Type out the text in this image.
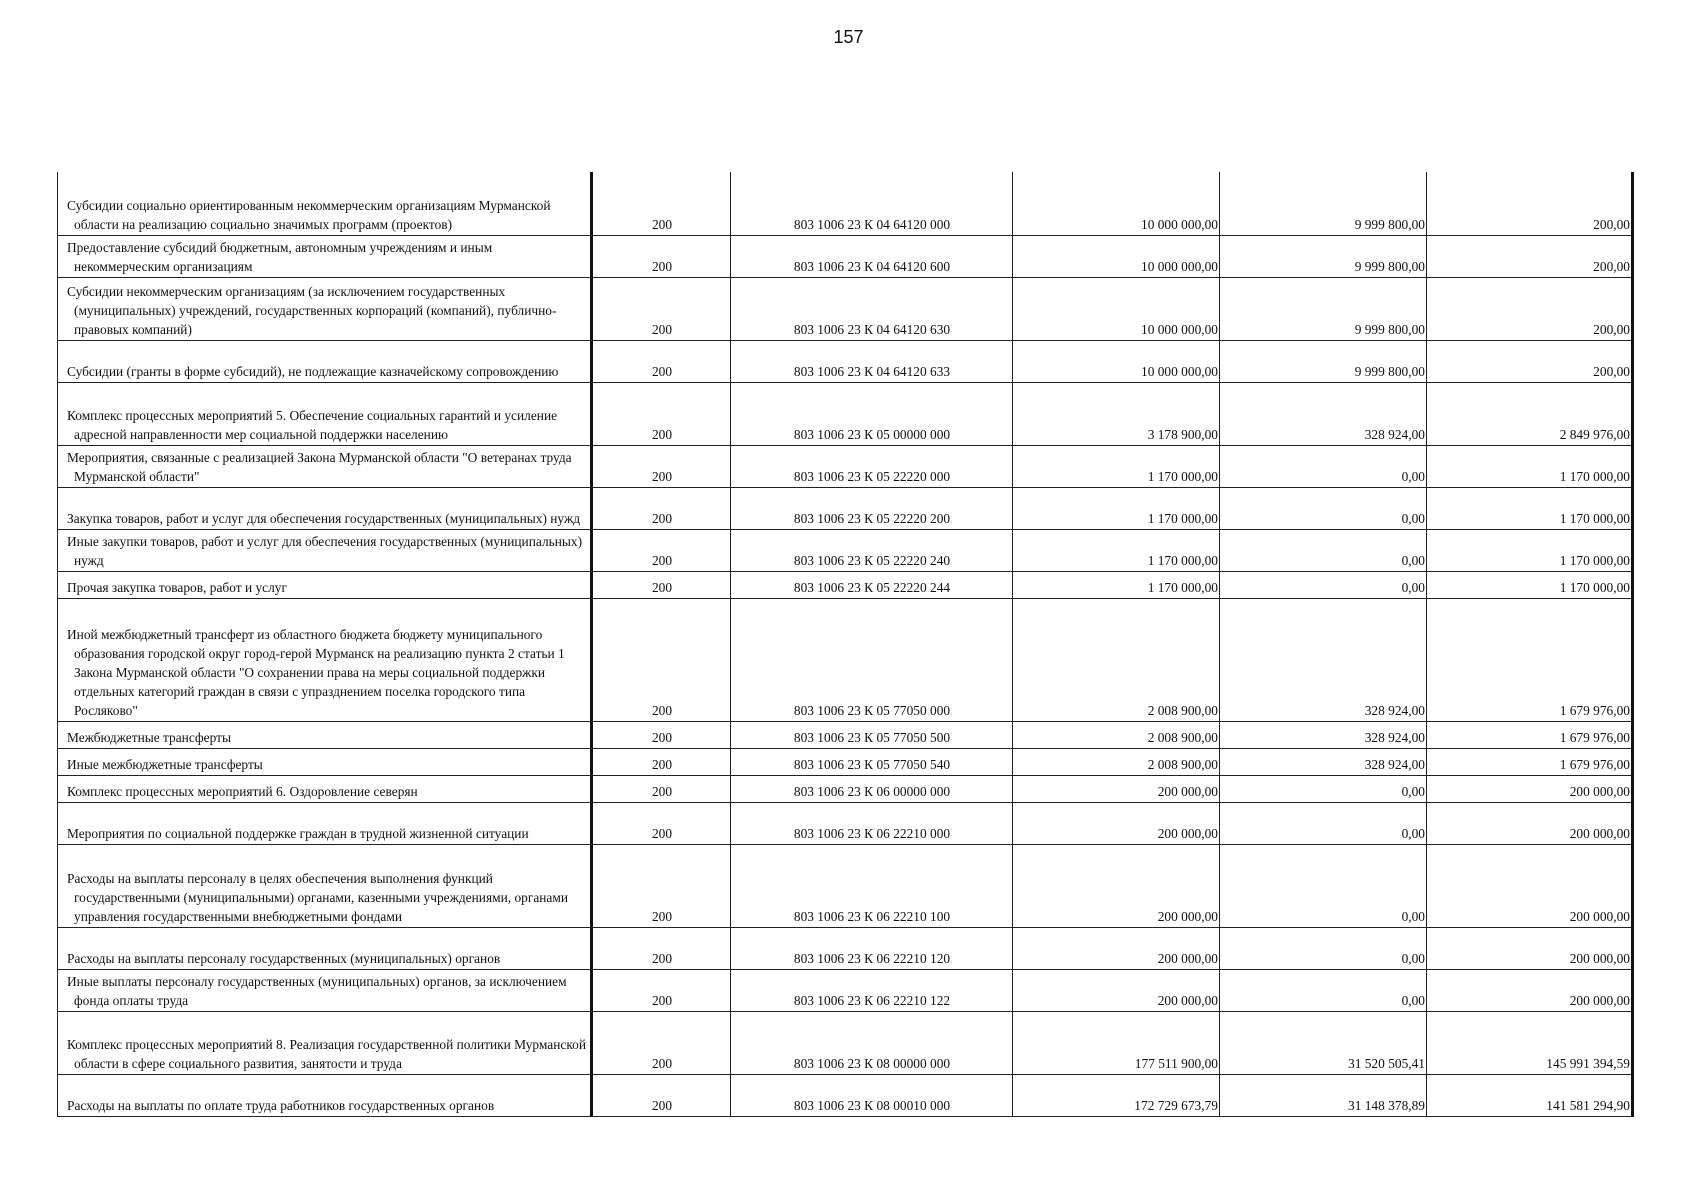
157
Субсидии социально ориентированным некоммерческим организациям Мурманской области на реализацию социально значимых программ (проектов)	200	803 1006 23 К 04 64120 000	10 000 000,00	9 999 800,00	200,00
Предоставление субсидий бюджетным, автономным учреждениям и иным некоммерческим организациям	200	803 1006 23 К 04 64120 600	10 000 000,00	9 999 800,00	200,00
Субсидии некоммерческим организациям (за исключением государственных (муниципальных) учреждений, государственных корпораций (компаний), публично-правовых компаний)	200	803 1006 23 К 04 64120 630	10 000 000,00	9 999 800,00	200,00
Субсидии (гранты в форме субсидий), не подлежащие казначейскому сопровождению	200	803 1006 23 К 04 64120 633	10 000 000,00	9 999 800,00	200,00
Комплекс процессных мероприятий 5. Обеспечение социальных гарантий и усиление адресной направленности мер социальной поддержки населению	200	803 1006 23 К 05 00000 000	3 178 900,00	328 924,00	2 849 976,00
Мероприятия, связанные с реализацией Закона Мурманской области "О ветеранах труда Мурманской области"	200	803 1006 23 К 05 22220 000	1 170 000,00	0,00	1 170 000,00
Закупка товаров, работ и услуг для обеспечения государственных (муниципальных) нужд	200	803 1006 23 К 05 22220 200	1 170 000,00	0,00	1 170 000,00
Иные закупки товаров, работ и услуг для обеспечения государственных (муниципальных) нужд	200	803 1006 23 К 05 22220 240	1 170 000,00	0,00	1 170 000,00
Прочая закупка товаров, работ и услуг	200	803 1006 23 К 05 22220 244	1 170 000,00	0,00	1 170 000,00
Иной межбюджетный трансферт из областного бюджета бюджету муниципального образования городской округ город-герой Мурманск на реализацию пункта 2 статьи 1 Закона Мурманской области "О сохранении права на меры социальной поддержки отдельных категорий граждан в связи с упразднением поселка городского типа Росляково"	200	803 1006 23 К 05 77050 000	2 008 900,00	328 924,00	1 679 976,00
Межбюджетные трансферты	200	803 1006 23 К 05 77050 500	2 008 900,00	328 924,00	1 679 976,00
Иные межбюджетные трансферты	200	803 1006 23 К 05 77050 540	2 008 900,00	328 924,00	1 679 976,00
Комплекс процессных мероприятий 6. Оздоровление северян	200	803 1006 23 К 06 00000 000	200 000,00	0,00	200 000,00
Мероприятия по социальной поддержке граждан в трудной жизненной ситуации	200	803 1006 23 К 06 22210 000	200 000,00	0,00	200 000,00
Расходы на выплаты персоналу в целях обеспечения выполнения функций государственными (муниципальными) органами, казенными учреждениями, органами управления государственными внебюджетными фондами	200	803 1006 23 К 06 22210 100	200 000,00	0,00	200 000,00
Расходы на выплаты персоналу государственных (муниципальных) органов	200	803 1006 23 К 06 22210 120	200 000,00	0,00	200 000,00
Иные выплаты персоналу государственных (муниципальных) органов, за исключением фонда оплаты труда	200	803 1006 23 К 06 22210 122	200 000,00	0,00	200 000,00
Комплекс процессных мероприятий 8. Реализация государственной политики Мурманской области в сфере социального развития, занятости и труда	200	803 1006 23 К 08 00000 000	177 511 900,00	31 520 505,41	145 991 394,59
Расходы на выплаты по оплате труда работников государственных органов	200	803 1006 23 К 08 00010 000	172 729 673,79	31 148 378,89	141 581 294,90
